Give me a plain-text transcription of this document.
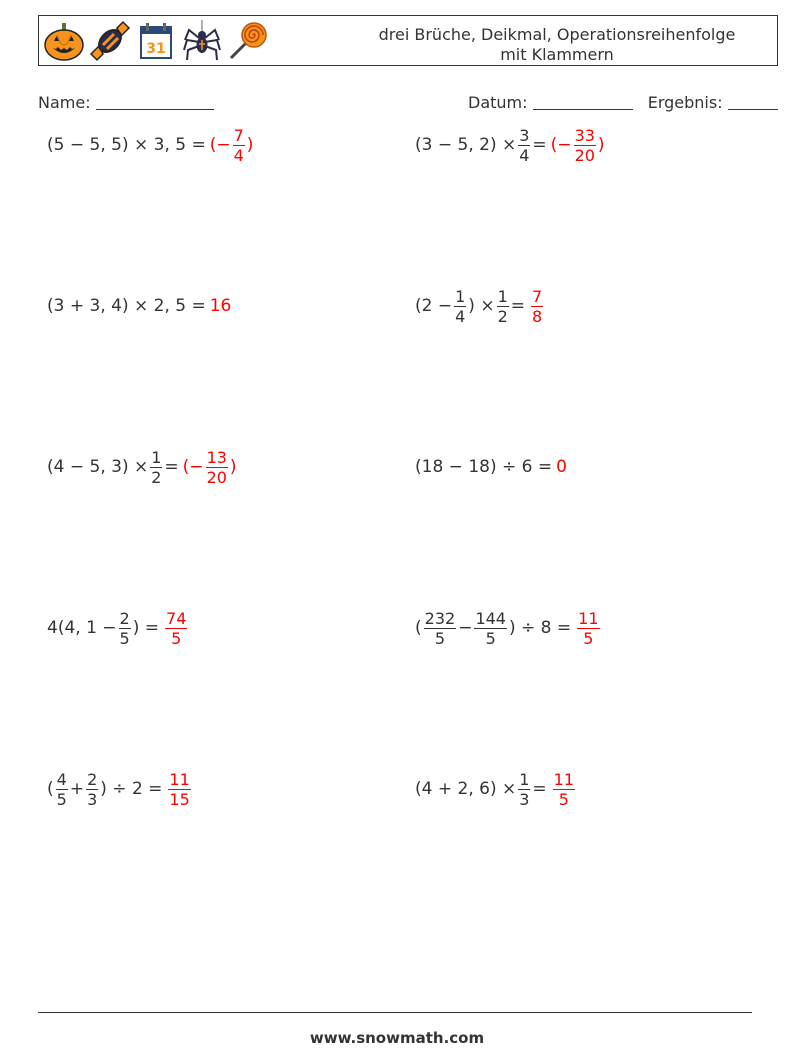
31
drei Brüche, Deikmal, Operationsreihenfolge
mit Klammern
Name:	Datum:	Ergebnis:
(5 − 5, 5) × 3, 5 = (− $\frac{7}{4}$ )	(3 − 5, $2) \times \frac{3}{4}$ = (− $\frac{33}{20}$ )
(3 + 3, 4) × 2, 5 = 16	($2 - \frac{1}{4}$ ) × $\frac{1}{2} = \frac{7}{8}$
(4 − 5, $3) \times \frac{1}{2}$ = (− $\frac{13}{20}$ )	(18 − 18) ÷ 6 = 0
4(4, $1 - \frac{2}{5}$ ) = $\frac{74}{5}$	( $\frac{232}{5} - \frac{144}{5}$ ) ÷ $8 = \frac{11}{5}$
( $\frac{4}{5} + \frac{2}{3}$ ) ÷ $2 = \frac{11}{15}$	(4 + 2, $6) \times \frac{1}{3} = \frac{11}{5}$
www.snowmath.com
